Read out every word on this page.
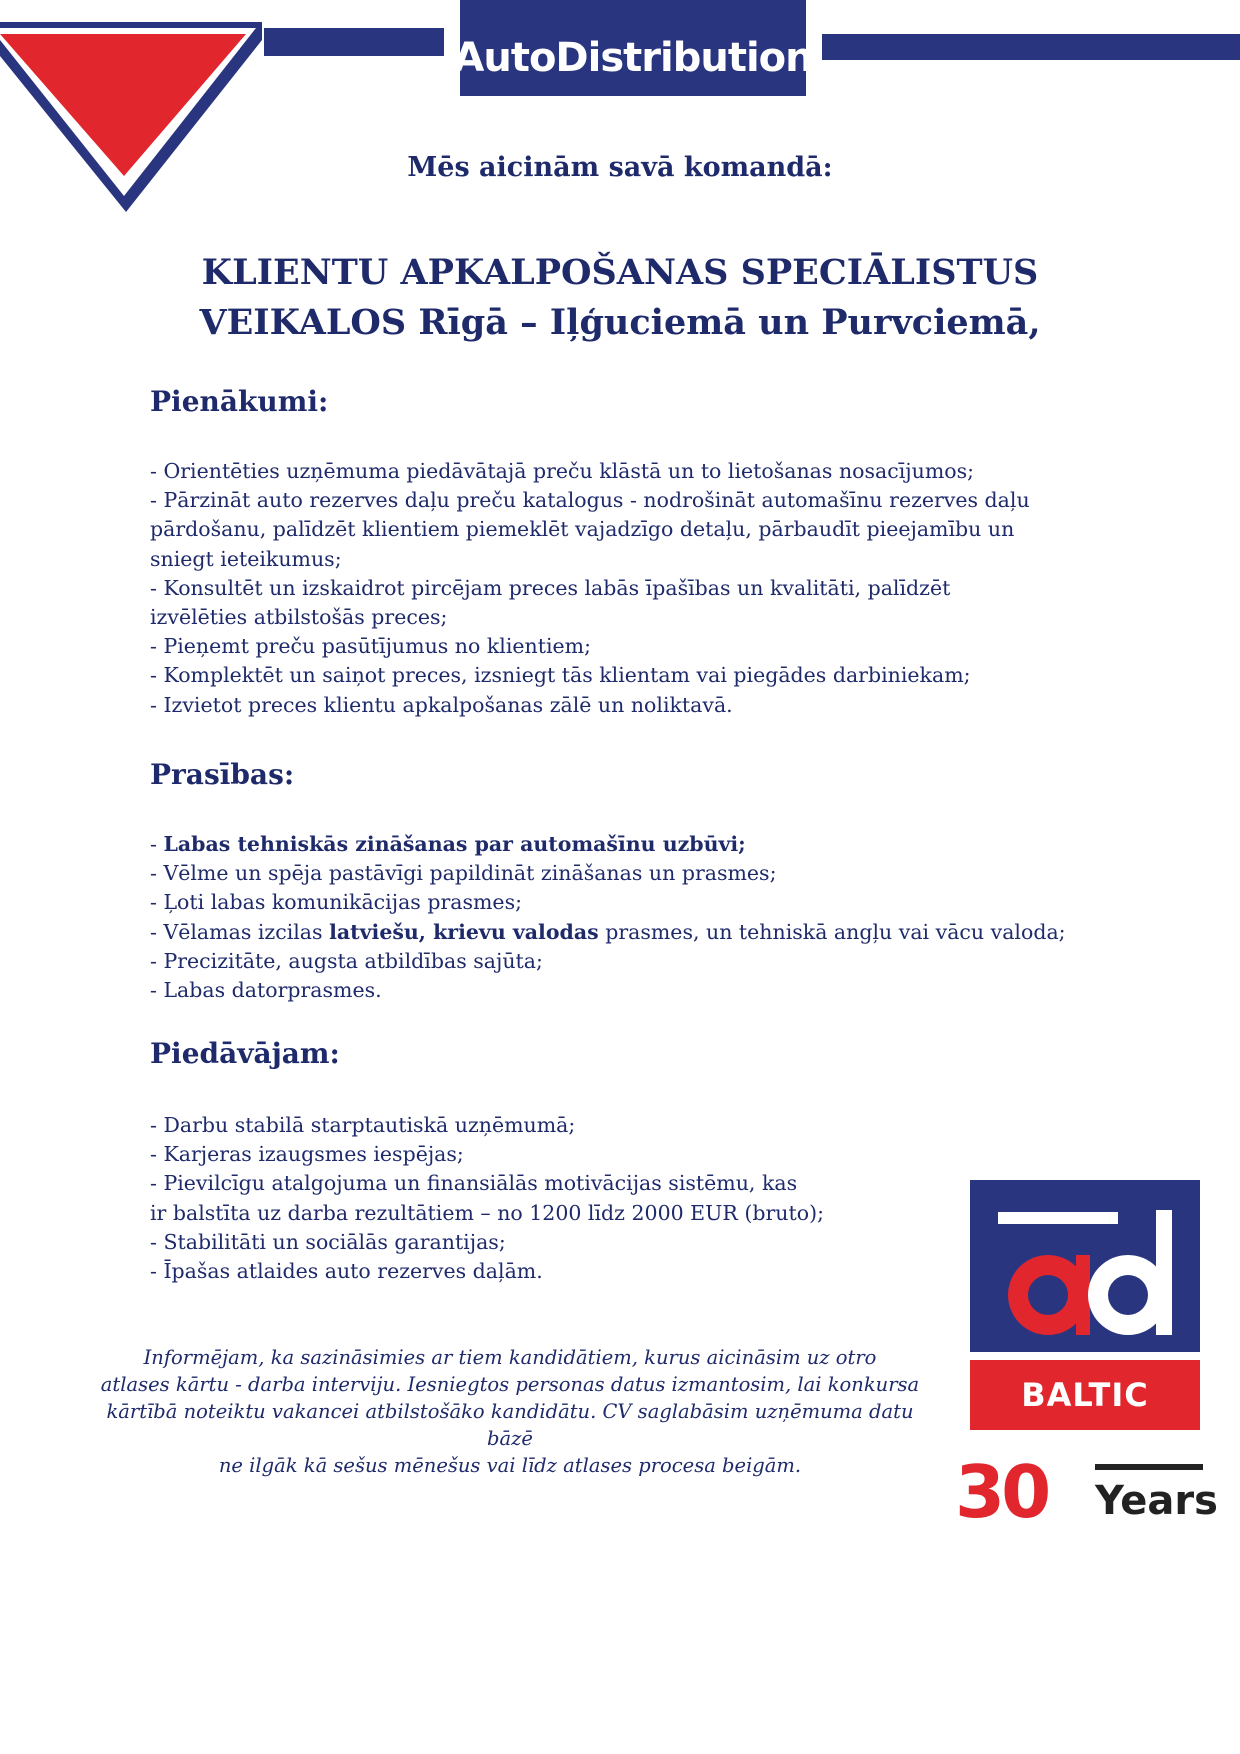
AutoDistribution
Mēs aicinām savā komandā:
KLIENTU APKALPOŠANAS SPECIĀLISTUS
VEIKALOS Rīgā – Iļģuciemā un Purvciemā,
Pienākumi:
- Orientēties uzņēmuma piedāvātajā preču klāstā un to lietošanas nosacījumos;
- Pārzināt auto rezerves daļu preču katalogus - nodrošināt automašīnu rezerves daļu
pārdošanu, palīdzēt klientiem piemeklēt vajadzīgo detaļu, pārbaudīt pieejamību un
sniegt ieteikumus;
- Konsultēt un izskaidrot pircējam preces labās īpašības un kvalitāti, palīdzēt
izvēlēties atbilstošās preces;
- Pieņemt preču pasūtījumus no klientiem;
- Komplektēt un saiņot preces, izsniegt tās klientam vai piegādes darbiniekam;
- Izvietot preces klientu apkalpošanas zālē un noliktavā.
Prasības:
- Labas tehniskās zināšanas par automašīnu uzbūvi;
- Vēlme un spēja pastāvīgi papildināt zināšanas un prasmes;
- Ļoti labas komunikācijas prasmes;
- Vēlamas izcilas latviešu, krievu valodas prasmes, un tehniskā angļu vai vācu valoda;
- Precizitāte, augsta atbildības sajūta;
- Labas datorprasmes.
Piedāvājam:
- Darbu stabilā starptautiskā uzņēmumā;
- Karjeras izaugsmes iespējas;
- Pievilcīgu atalgojuma un finansiālās motivācijas sistēmu, kas
ir balstīta uz darba rezultātiem – no 1200 līdz 2000 EUR (bruto);
- Stabilitāti un sociālās garantijas;
- Īpašas atlaides auto rezerves daļām.
Informējam, ka sazināsimies ar tiem kandidātiem, kurus aicināsim uz otro
atlases kārtu - darba interviju. Iesniegtos personas datus izmantosim, lai konkursa
kārtībā noteiktu vakancei atbilstošāko kandidātu. CV saglabāsim uzņēmuma datu bāzē
ne ilgāk kā sešus mēnešus vai līdz atlases procesa beigām.
BALTIC
30 Years
